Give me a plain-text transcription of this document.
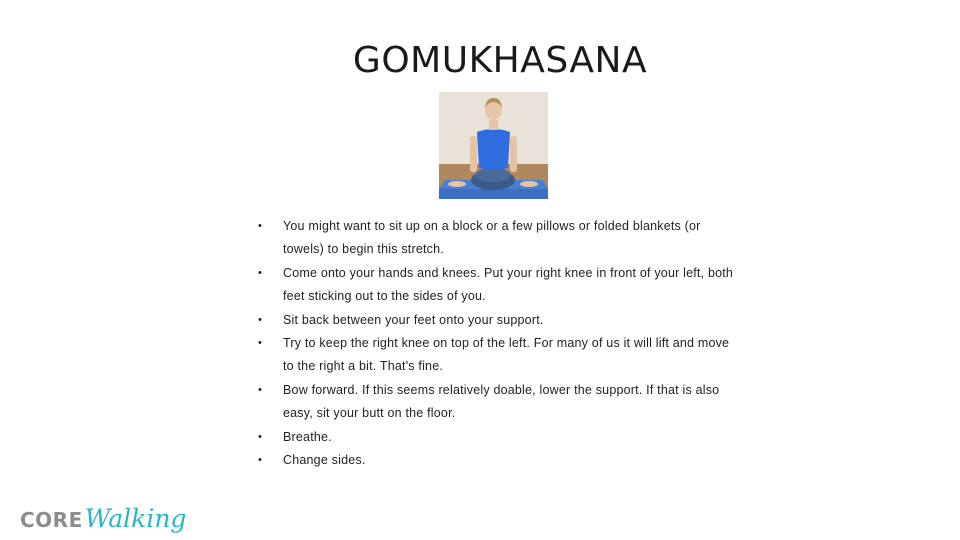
GOMUKHASANA
• You might want to sit up on a block or a few pillows or folded blankets (or towels) to begin this stretch.
• Come onto your hands and knees. Put your right knee in front of your left, both feet sticking out to the sides of you.
• Sit back between your feet onto your support.
• Try to keep the right knee on top of the left. For many of us it will lift and move to the right a bit. That's fine.
• Bow forward. If this seems relatively doable, lower the support. If that is also easy, sit your butt on the floor.
• Breathe.
• Change sides.
CORE Walking
